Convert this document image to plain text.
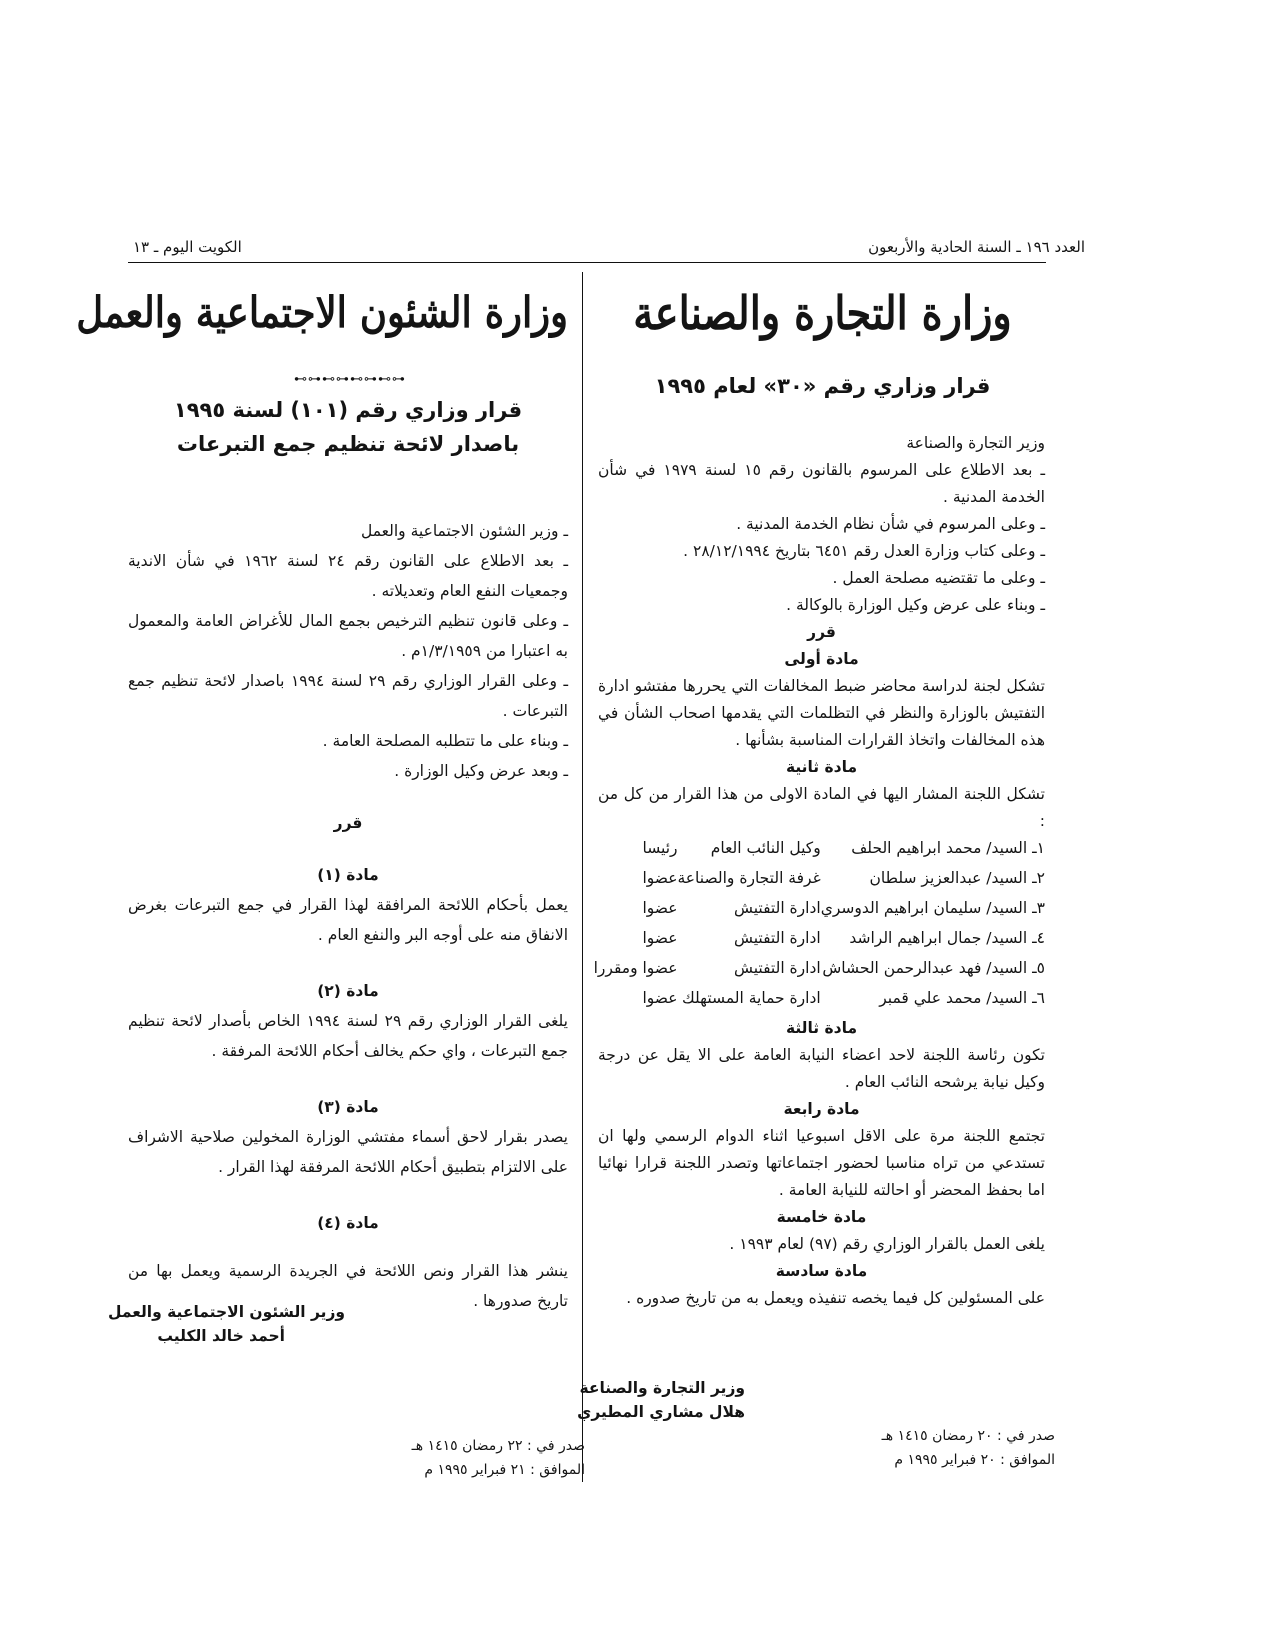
العدد ١٩٦ ـ السنة الحادية والأربعون
الكويت اليوم ـ ١٣
وزارة التجارة والصناعة
قرار وزاري رقم «٣٠» لعام ١٩٩٥

وزير التجارة والصناعة

ـ بعد الاطلاع على المرسوم بالقانون رقم ١٥ لسنة ١٩٧٩ في شأن الخدمة المدنية .

ـ وعلى المرسوم في شأن نظام الخدمة المدنية .

ـ وعلى كتاب وزارة العدل رقم ٦٤٥١ بتاريخ ٢٨/١٢/١٩٩٤ .

ـ وعلى ما تقتضيه مصلحة العمل .

ـ وبناء على عرض وكيل الوزارة بالوكالة .

قرر

مادة أولى

تشكل لجنة لدراسة محاضر ضبط المخالفات التي يحررها مفتشو ادارة التفتيش بالوزارة والنظر في التظلمات التي يقدمها اصحاب الشأن في هذه المخالفات واتخاذ القرارات المناسبة بشأنها .

مادة ثانية

تشكل اللجنة المشار اليها في المادة الاولى من هذا القرار من كل من :

١ـ السيد/ محمد ابراهيم الحلف	وكيل النائب العام	رئيسا
٢ـ السيد/ عبدالعزيز سلطان	غرفة التجارة والصناعة	عضوا
٣ـ السيد/ سليمان ابراهيم الدوسري	ادارة التفتيش	عضوا
٤ـ السيد/ جمال ابراهيم الراشد	ادارة التفتيش	عضوا
٥ـ السيد/ فهد عبدالرحمن الحشاش	ادارة التفتيش	عضوا ومقررا
٦ـ السيد/ محمد علي قمبر	ادارة حماية المستهلك	عضوا

مادة ثالثة

تكون رئاسة اللجنة لاحد اعضاء النيابة العامة على الا يقل عن درجة وكيل نيابة يرشحه النائب العام .

مادة رابعة

تجتمع اللجنة مرة على الاقل اسبوعيا اثناء الدوام الرسمي ولها ان تستدعي من تراه مناسبا لحضور اجتماعاتها وتصدر اللجنة قرارا نهائيا اما بحفظ المحضر أو احالته للنيابة العامة .

مادة خامسة

يلغى العمل بالقرار الوزاري رقم (٩٧) لعام ١٩٩٣ .

مادة سادسة

على المسئولين كل فيما يخصه تنفيذه ويعمل به من تاريخ صدوره .

وزير التجارة والصناعة
هلال مشاري المطيري
صدر في : ٢٠ رمضان ١٤١٥ هـ
الموافق : ٢٠ فبراير ١٩٩٥ م
وزارة الشئون الاجتماعية والعمل
⊷⊶⊷⊶⊷⊶⊷⊶
قرار وزاري رقم (١٠١) لسنة ١٩٩٥
باصدار لائحة تنظيم جمع التبرعات

ـ وزير الشئون الاجتماعية والعمل

ـ بعد الاطلاع على القانون رقم ٢٤ لسنة ١٩٦٢ في شأن الاندية وجمعيات النفع العام وتعديلاته .

ـ وعلى قانون تنظيم الترخيص بجمع المال للأغراض العامة والمعمول به اعتبارا من ١/٣/١٩٥٩م .

ـ وعلى القرار الوزاري رقم ٢٩ لسنة ١٩٩٤ باصدار لائحة تنظيم جمع التبرعات .

ـ وبناء على ما تتطلبه المصلحة العامة .

ـ وبعد عرض وكيل الوزارة .

قرر

مادة (١)

يعمل بأحكام اللائحة المرافقة لهذا القرار في جمع التبرعات بغرض الانفاق منه على أوجه البر والنفع العام .

مادة (٢)

يلغى القرار الوزاري رقم ٢٩ لسنة ١٩٩٤ الخاص بأصدار لائحة تنظيم جمع التبرعات ، واي حكم يخالف أحكام اللائحة المرفقة .

مادة (٣)

يصدر بقرار لاحق أسماء مفتشي الوزارة المخولين صلاحية الاشراف على الالتزام بتطبيق أحكام اللائحة المرفقة لهذا القرار .

مادة (٤)

ينشر هذا القرار ونص اللائحة في الجريدة الرسمية ويعمل بها من تاريخ صدورها .

وزير الشئون الاجتماعية والعمل
أحمد خالد الكليب
صدر في : ٢٢ رمضان ١٤١٥ هـ
الموافق : ٢١ فبراير ١٩٩٥ م
